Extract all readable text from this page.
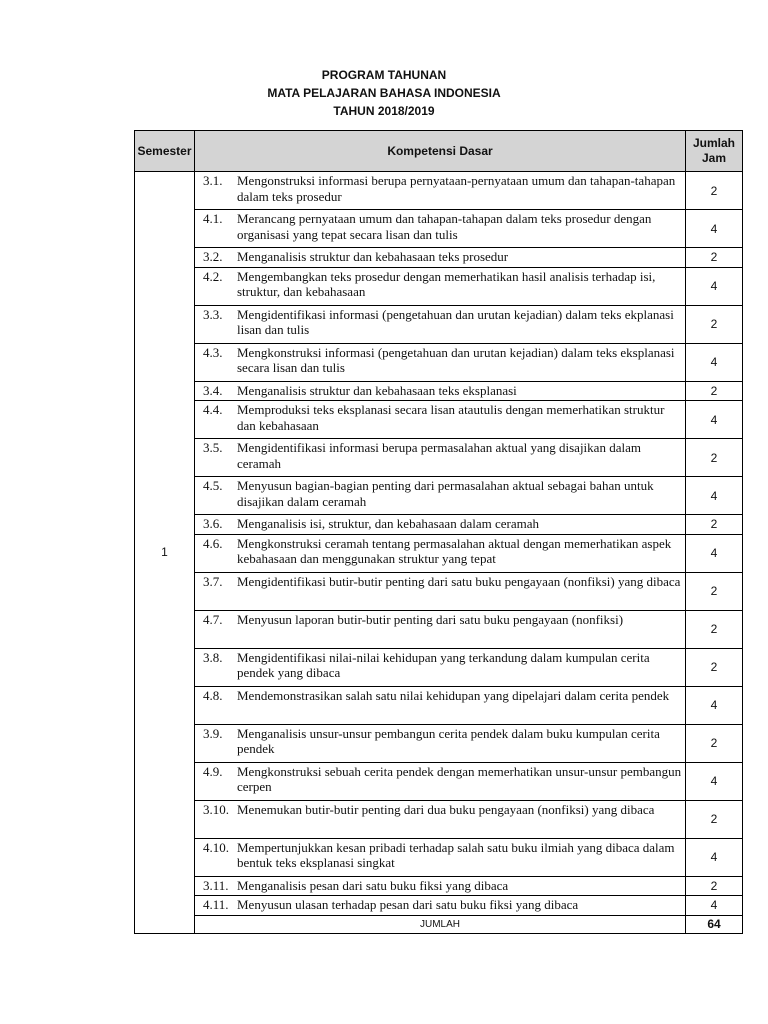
PROGRAM TAHUNAN
MATA PELAJARAN BAHASA INDONESIA
TAHUN 2018/2019
Semester	Kompetensi Dasar	Jumlah Jam
1	3.1. Mengonstruksi informasi berupa pernyataan-pernyataan umum dan tahapan-tahapan dalam teks prosedur	2

	4.1. Merancang pernyataan umum dan tahapan-tahapan dalam teks prosedur dengan organisasi yang tepat secara lisan dan tulis	4

	3.2. Menganalisis struktur dan kebahasaan teks prosedur	2

	4.2. Mengembangkan teks prosedur dengan memerhatikan hasil analisis terhadap isi, struktur, dan kebahasaan	4

	3.3. Mengidentifikasi informasi (pengetahuan dan urutan kejadian) dalam teks ekplanasi lisan dan tulis	2

	4.3. Mengkonstruksi informasi (pengetahuan dan urutan kejadian) dalam teks eksplanasi secara lisan dan tulis	4

	3.4. Menganalisis struktur dan kebahasaan teks eksplanasi	2

	4.4. Memproduksi teks eksplanasi secara lisan atautulis dengan memerhatikan struktur dan kebahasaan	4

	3.5. Mengidentifikasi informasi berupa permasalahan aktual yang disajikan dalam ceramah	2

	4.5. Menyusun bagian-bagian penting dari permasalahan aktual sebagai bahan untuk disajikan dalam ceramah	4

	3.6. Menganalisis isi, struktur, dan kebahasaan dalam ceramah	2

	4.6. Mengkonstruksi ceramah tentang permasalahan aktual dengan memerhatikan aspek kebahasaan dan menggunakan struktur yang tepat	4

	3.7. Mengidentifikasi butir-butir penting dari satu buku pengayaan (nonfiksi) yang dibaca	2

	4.7. Menyusun laporan butir-butir penting dari satu buku pengayaan (nonfiksi)	2

	3.8. Mengidentifikasi nilai-nilai kehidupan yang terkandung dalam kumpulan cerita pendek yang dibaca	2

	4.8. Mendemonstrasikan salah satu nilai kehidupan yang dipelajari dalam cerita pendek	4

	3.9. Menganalisis unsur-unsur pembangun cerita pendek dalam buku kumpulan cerita pendek	2

	4.9. Mengkonstruksi sebuah cerita pendek dengan memerhatikan unsur-unsur pembangun cerpen	4

	3.10. Menemukan butir-butir penting dari dua buku pengayaan (nonfiksi) yang dibaca	2

	4.10. Mempertunjukkan kesan pribadi terhadap salah satu buku ilmiah yang dibaca dalam bentuk teks eksplanasi singkat	4

	3.11. Menganalisis pesan dari satu buku fiksi yang dibaca	2

	4.11. Menyusun ulasan terhadap pesan dari satu buku fiksi yang dibaca	4
	JUMLAH	64
